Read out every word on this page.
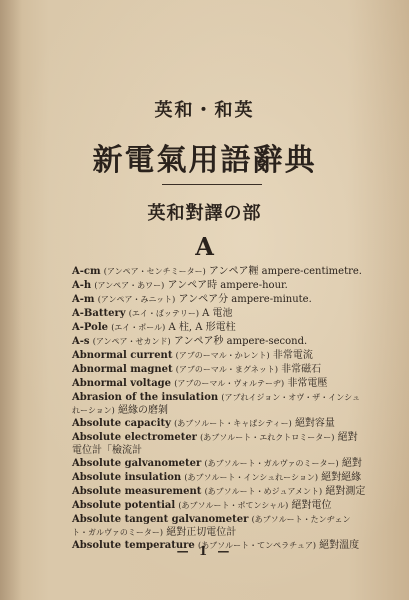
英和・和英
新電氣用語辭典
英和對譯の部
A
A-cm (アンペア・センチミーター) アンペア糎 ampere-centimetre.
A-h (アンペア・あワー) アンペア時 ampere-hour.
A-m (アンペア・みニット) アンペア分 ampere-minute.
A-Battery (エイ・ばッテリー) A 電池
A-Pole (エイ・ポール) A 柱, A 形電柱
A-s (アンペア・せカンド) アンペア秒 ampere-second.
Abnormal current (アブのーマル・かレント) 非常電流
Abnormal magnet (アブのーマル・まグネット) 非常磁石
Abnormal voltage (アブのーマル・ヴォルテーヂ) 非常電壓
Abrasion of the insulation (アブれイジョン・オヴ・ザ・インシュれーション) 絕緣の磨剝
Absolute capacity (あブソルート・キャぱシティー) 絕對容量
Absolute electrometer (あブソルート・エれクトロミーター) 絕對電位計「檢流計
Absolute galvanometer (あブソルート・ガルヴァのミーター) 絕對
Absolute insulation (あブソルート・インシュれーション) 絕對絕緣
Absolute measurement (あブソルート・めジュアメント) 絕對測定
Absolute potential (あブソルート・ポてンシャル) 絕對電位
Absolute tangent galvanometer (あブソルート・たンヂェント・ガルヴァのミーター) 絕對正切電位計
Absolute temperature (あブソルート・てンペラチュア) 絕對溫度
— 1 —
